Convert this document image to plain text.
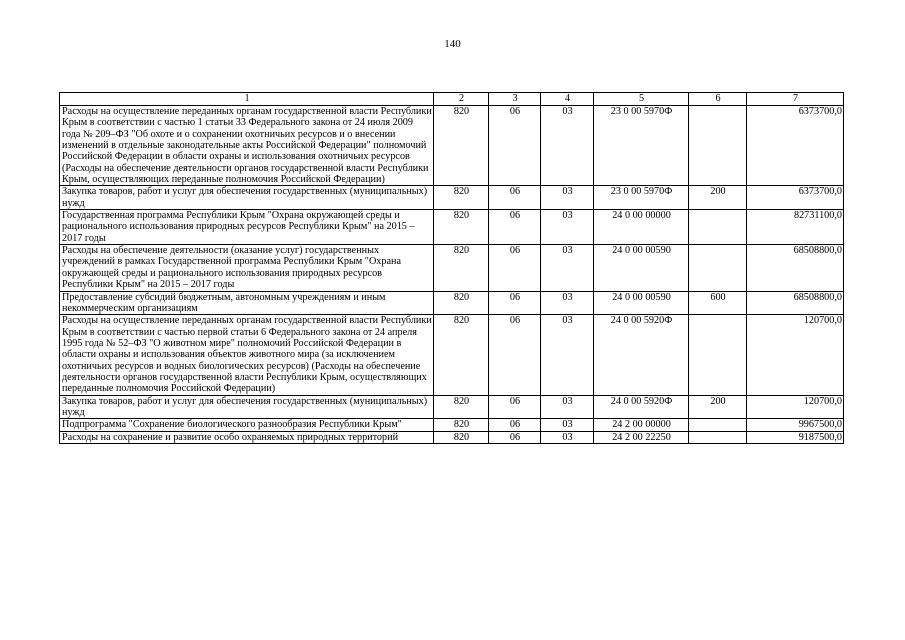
140
1	2	3	4	5	6	7
Расходы на осуществление переданных органам государственной власти Республики Крым в соответствии с частью 1 статьи 33 Федерального закона от 24 июля 2009 года № 209–ФЗ "Об охоте и о сохранении охотничьих ресурсов и о внесении изменений в отдельные законодательные акты Российской Федерации" полномочий Российской Федерации в области охраны и использования охотничьих ресурсов (Расходы на обеспечение деятельности органов государственной власти Республики Крым, осуществляющих переданные полномочия Российской Федерации)	820	06	03	23 0 00 5970Ф		6373700,0
Закупка товаров, работ и услуг для обеспечения государственных (муниципальных) нужд	820	06	03	23 0 00 5970Ф	200	6373700,0
Государственная программа Республики Крым "Охрана окружающей среды и рационального использования природных ресурсов Республики Крым" на 2015 – 2017 годы	820	06	03	24 0 00 00000		82731100,0
Расходы на обеспечение деятельности (оказание услуг) государственных учреждений в рамках Государственной программа Республики Крым "Охрана окружающей среды и рационального использования природных ресурсов Республики Крым" на 2015 – 2017 годы	820	06	03	24 0 00 00590		68508800,0
Предоставление субсидий бюджетным, автономным учреждениям и иным некоммерческим организациям	820	06	03	24 0 00 00590	600	68508800,0
Расходы на осуществление переданных органам государственной власти Республики Крым в соответствии с частью первой статьи 6 Федерального закона от 24 апреля 1995 года № 52–ФЗ "О животном мире" полномочий Российской Федерации в области охраны и использования объектов животного мира (за исключением охотничьих ресурсов и водных биологических ресурсов) (Расходы на обеспечение деятельности органов государственной власти Республики Крым, осуществляющих переданные полномочия Российской Федерации)	820	06	03	24 0 00 5920Ф		120700,0
Закупка товаров, работ и услуг для обеспечения государственных (муниципальных) нужд	820	06	03	24 0 00 5920Ф	200	120700,0
Подпрограмма "Сохранение биологического разнообразия Республики Крым"	820	06	03	24 2 00 00000		9967500,0
Расходы на сохранение и развитие особо охраняемых природных территорий	820	06	03	24 2 00 22250		9187500,0
